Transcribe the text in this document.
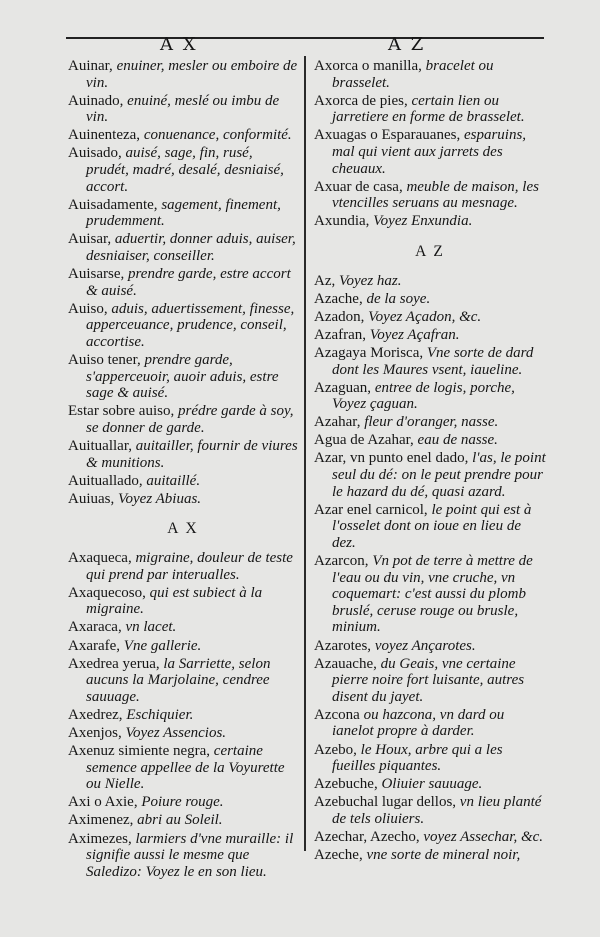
A X	A Z
Auinar, enuiner, mesler ou emboire de vin.
Auinado, enuiné, meslé ou imbu de vin.
Auinenteza, conuenance, conformité.
Auisado, auisé, sage, fin, rusé, prudét, madré, desalé, desniaisé, accort.
Auisadamente, sagement, finement, prudemment.
Auisar, aduertir, donner aduis, auiser, desniaiser, conseiller.
Auisarse, prendre garde, estre accort & auisé.
Auiso, aduis, aduertissement, finesse, apperceuance, prudence, conseil, accortise.
Auiso tener, prendre garde, s'apperceuoir, auoir aduis, estre sage & auisé.
Estar sobre auiso, prédre garde à soy, se donner de garde.
Auituallar, auitailler, fournir de viures & munitions.
Auituallado, auitaillé.
Auiuas, Voyez Abiuas.
A X
Axaqueca, migraine, douleur de teste qui prend par interualles.
Axaquecoso, qui est subiect à la migraine.
Axaraca, vn lacet.
Axarafe, Vne gallerie.
Axedrea yerua, la Sarriette, selon aucuns la Marjolaine, cendree sauuage.
Axedrez, Eschiquier.
Axenjos, Voyez Assencios.
Axenuz simiente negra, certaine semence appellee de la Voyurette ou Nielle.
Axi o Axie, Poiure rouge.
Aximenez, abri au Soleil.
Aximezes, larmiers d'vne muraille: il signifie aussi le mesme que Saledizo: Voyez le en son lieu.
Axorca o manilla, bracelet ou brasselet.
Axorca de pies, certain lien ou jarretiere en forme de brasselet.
Axuagas o Esparauanes, esparuins, mal qui vient aux jarrets des cheuaux.
Axuar de casa, meuble de maison, les vtencilles seruans au mesnage.
Axundia, Voyez Enxundia.
A Z
Az, Voyez haz.
Azache, de la soye.
Azadon, Voyez Açadon, &c.
Azafran, Voyez Açafran.
Azagaya Morisca, Vne sorte de dard dont les Maures vsent, iaueline.
Azaguan, entree de logis, porche, Voyez çaguan.
Azahar, fleur d'oranger, nasse.
Agua de Azahar, eau de nasse.
Azar, vn punto enel dado, l'as, le point seul du dé: on le peut prendre pour le hazard du dé, quasi azard.
Azar enel carnicol, le point qui est à l'osselet dont on ioue en lieu de dez.
Azarcon, Vn pot de terre à mettre de l'eau ou du vin, vne cruche, vn coquemart: c'est aussi du plomb bruslé, ceruse rouge ou brusle, minium.
Azarotes, voyez Ançarotes.
Azauache, du Geais, vne certaine pierre noire fort luisante, autres disent du jayet.
Azcona ou hazcona, vn dard ou ianelot propre à darder.
Azebo, le Houx, arbre qui a les fueilles piquantes.
Azebuche, Oliuier sauuage.
Azebuchal lugar dellos, vn lieu planté de tels oliuiers.
Azechar, Azecho, voyez Assechar, &c.
Azeche, vne sorte de mineral noir,
